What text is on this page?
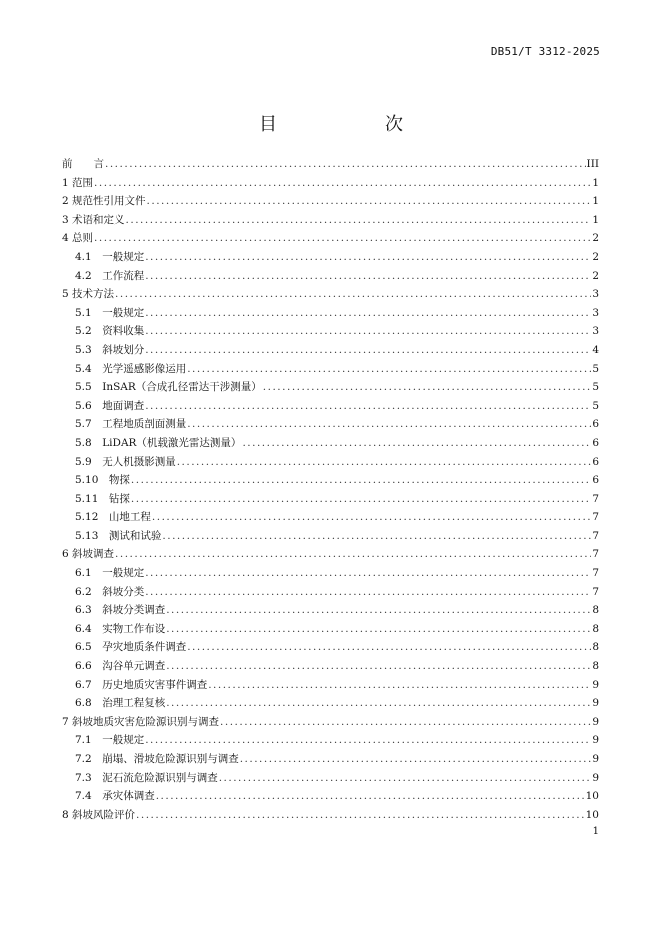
DB51/T 3312-2025
目　　次
前　　言 .....	III
1 范围 .....	1
2 规范性引用文件 .....	1
3 术语和定义 .....	1
4 总则 .....	2
4.1　一般规定 .....	2
4.2　工作流程 .....	2
5 技术方法 .....	3
5.1　一般规定 .....	3
5.2　资料收集 .....	3
5.3　斜坡划分 .....	4
5.4　光学遥感影像运用 .....	5
5.5　InSAR（合成孔径雷达干涉测量） .....	5
5.6　地面调查 .....	5
5.7　工程地质剖面测量 .....	6
5.8　LiDAR（机载激光雷达测量） .....	6
5.9　无人机摄影测量 .....	6
5.10　物探 .....	6
5.11　钻探 .....	7
5.12　山地工程 .....	7
5.13　测试和试验 .....	7
6 斜坡调查 .....	7
6.1　一般规定 .....	7
6.2　斜坡分类 .....	7
6.3　斜坡分类调查 .....	8
6.4　实物工作布设 .....	8
6.5　孕灾地质条件调查 .....	8
6.6　沟谷单元调查 .....	8
6.7　历史地质灾害事件调查 .....	9
6.8　治理工程复核 .....	9
7 斜坡地质灾害危险源识别与调查 .....	9
7.1　一般规定 .....	9
7.2　崩塌、滑坡危险源识别与调查 .....	9
7.3　泥石流危险源识别与调查 .....	9
7.4　承灾体调查 .....	10
8 斜坡风险评价 .....	10
1
